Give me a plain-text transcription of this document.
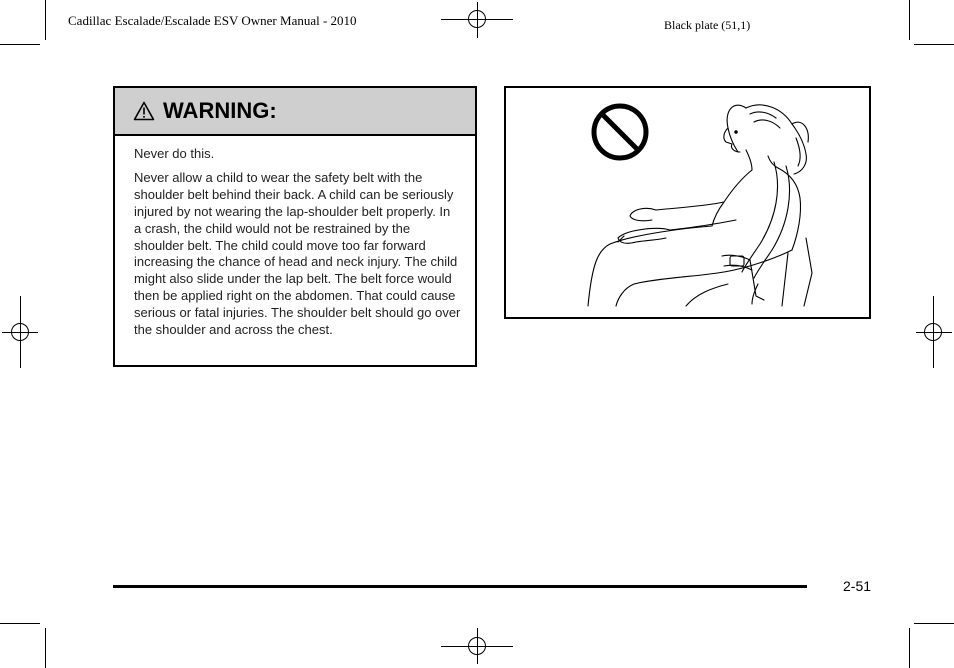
Cadillac Escalade/Escalade ESV Owner Manual - 2010	Black plate (51,1)
WARNING:

Never do this.

Never allow a child to wear the safety belt with the shoulder belt behind their back. A child can be seriously injured by not wearing the lap-shoulder belt properly. In a crash, the child would not be restrained by the shoulder belt. The child could move too far forward increasing the chance of head and neck injury. The child might also slide under the lap belt. The belt force would then be applied right on the abdomen. That could cause serious or fatal injuries. The shoulder belt should go over the shoulder and across the chest.

2-51
